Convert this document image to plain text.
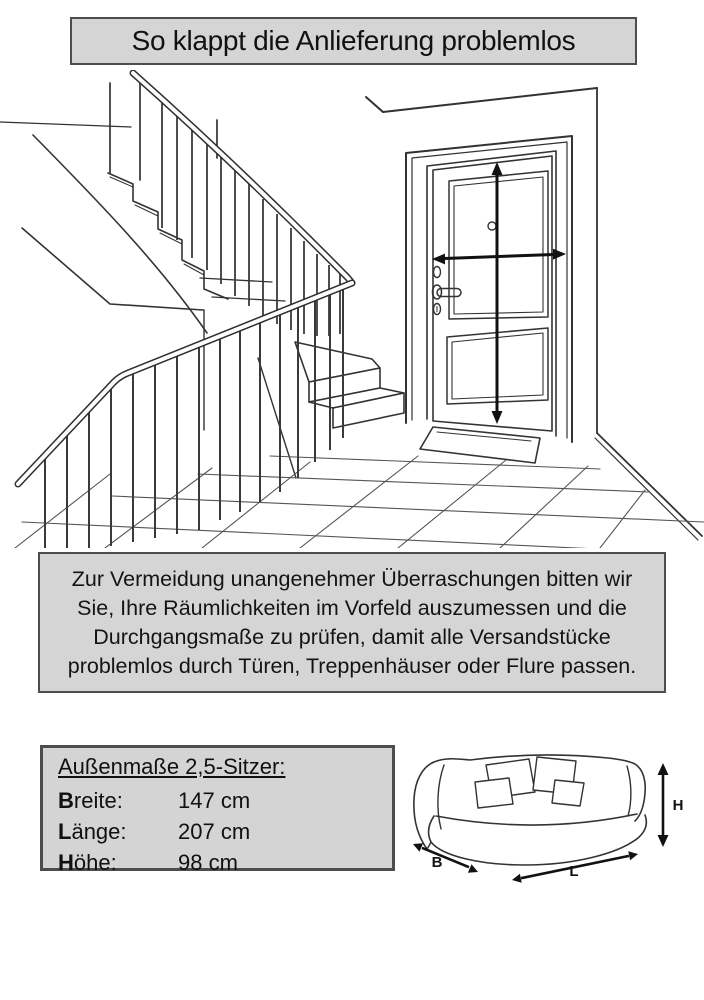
So klappt die Anlieferung problemlos
Zur Vermeidung unangenehmer Überraschungen bitten wir
Sie, Ihre Räumlichkeiten im Vorfeld auszumessen und die
Durchgangsmaße zu prüfen, damit alle Versandstücke
problemlos durch Türen, Treppenhäuser oder Flure passen.
Außenmaße 2,5-Sitzer:
Breite:	147 cm
Länge:	207 cm
Höhe:	98 cm
H
B
L
